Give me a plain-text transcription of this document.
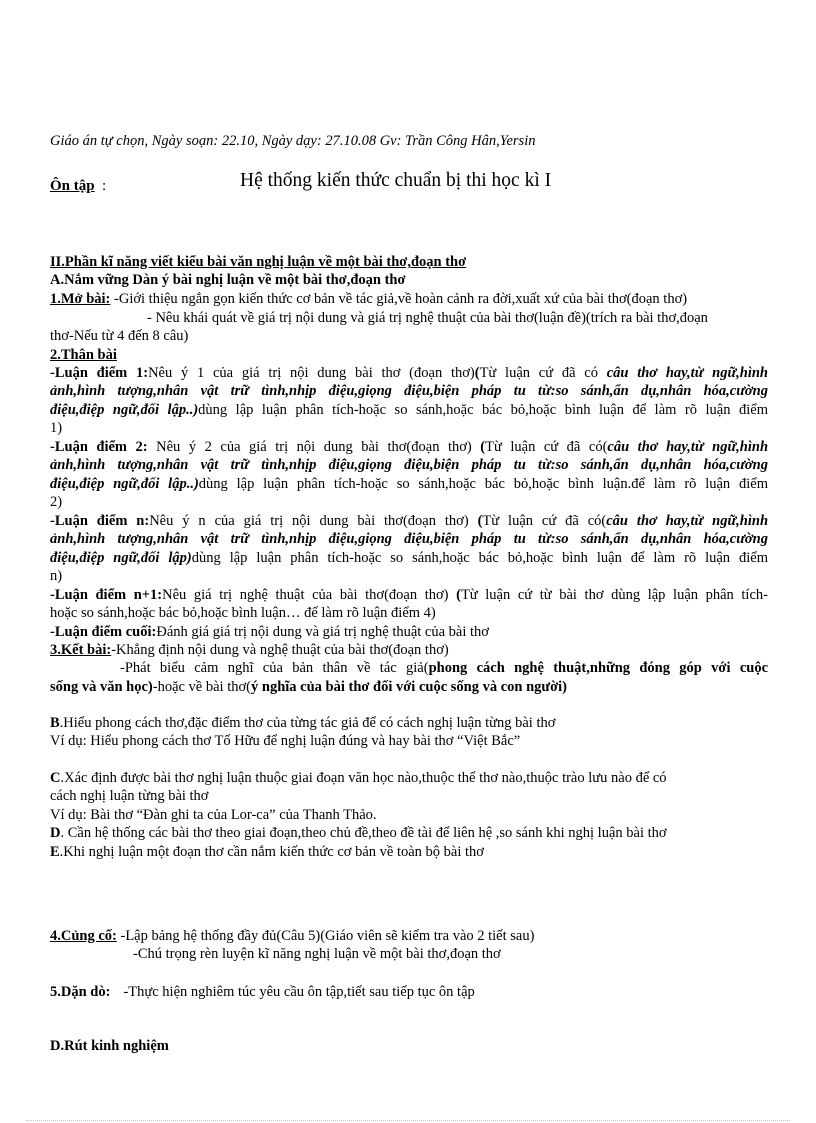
Giáo án tự chọn, Ngày soạn: 22.10, Ngày dạy: 27.10.08 Gv: Trần Công Hân,Yersin
Ôn tập :	Hệ thống kiến thức chuẩn bị thi học kì I
II.Phần kĩ năng viết kiểu bài văn nghị luận về một bài thơ,đoạn thơ
A.Nắm vững Dàn ý bài nghị luận về một bài thơ,đoạn thơ
1.Mở bài: -Giới thiệu ngắn gọn kiến thức cơ bản về tác giả,về hoàn cảnh ra đời,xuất xứ của bài thơ(đoạn thơ)
- Nêu khái quát về giá trị nội dung và giá trị nghệ thuật của bài thơ(luận đề)(trích ra bài thơ,đoạn
thơ-Nếu từ 4 đến 8 câu)
2.Thân bài
-Luận điểm 1:Nêu ý 1 của giá trị nội dung bài thơ (đoạn thơ)(Từ luận cứ đã có câu thơ hay,từ ngữ,hình
ảnh,hình tượng,nhân vật trữ tình,nhịp điệu,giọng điệu,biện pháp tu từ:so sánh,ẩn dụ,nhân hóa,cường
điệu,điệp ngữ,đối lập..)dùng lập luận phân tích-hoặc so sánh,hoặc bác bỏ,hoặc bình luận để làm rõ luận điểm
1)
-Luận điểm 2: Nêu ý 2 của giá trị nội dung bài thơ(đoạn thơ) (Từ luận cứ đã có(câu thơ hay,từ ngữ,hình
ảnh,hình tượng,nhân vật trữ tình,nhịp điệu,giọng điệu,biện pháp tu từ:so sánh,ẩn dụ,nhân hóa,cường
điệu,điệp ngữ,đối lập..)dùng lập luận phân tích-hoặc so sánh,hoặc bác bỏ,hoặc bình luận.để làm rõ luận điểm
2)
-Luận điểm n:Nêu ý n của giá trị nội dung bài thơ(đoạn thơ) (Từ luận cứ đã có(câu thơ hay,từ ngữ,hình
ảnh,hình tượng,nhân vật trữ tình,nhịp điệu,giọng điệu,biện pháp tu từ:so sánh,ẩn dụ,nhân hóa,cường
điệu,điệp ngữ,đối lập)dùng lập luận phân tích-hoặc so sánh,hoặc bác bỏ,hoặc bình luận để làm rõ luận điểm
n)
-Luận điểm n+1:Nêu giá trị nghệ thuật của bài thơ(đoạn thơ) (Từ luận cứ từ bài thơ dùng lập luận phân tích-
hoặc so sánh,hoặc bác bỏ,hoặc bình luận… để làm rõ luận điểm 4)
-Luận điểm cuối:Đánh giá giá trị nội dung và giá trị nghệ thuật của bài thơ
3.Kết bài:-Khẳng định nội dung và nghệ thuật của bài thơ(đoạn thơ)
-Phát biểu cảm nghĩ của bản thân về tác giả(phong cách nghệ thuật,những đóng góp với cuộc
sống và văn học)-hoặc về bài thơ(ý nghĩa của bài thơ đối với cuộc sống và con người)
B.Hiểu phong cách thơ,đặc điểm thơ của từng tác giả để có cách nghị luận từng bài thơ
Ví dụ: Hiểu phong cách thơ Tố Hữu để nghị luận đúng và hay bài thơ “Việt Bắc”
C.Xác định được bài thơ nghị luận thuộc giai đoạn văn học nào,thuộc thể thơ nào,thuộc trào lưu nào để có
cách nghị luận từng bài thơ
Ví dụ: Bài thơ “Đàn ghi ta của Lor-ca” của Thanh Thảo.
D. Cần hệ thống các bài thơ theo giai đoạn,theo chủ đề,theo đề tài để liên hệ ,so sánh khi nghị luận bài thơ
E.Khi nghị luận một đoạn thơ cần nắm kiến thức cơ bản về toàn bộ bài thơ
4.Củng cố: -Lập bảng hệ thống đầy đủ(Câu 5)(Giáo viên sẽ kiểm tra vào 2 tiết sau)
-Chú trọng rèn luyện kĩ năng nghị luận về một bài thơ,đoạn thơ
5.Dặn dò: -Thực hiện nghiêm túc yêu cầu ôn tập,tiết sau tiếp tục ôn tập
D.Rút kinh nghiệm
